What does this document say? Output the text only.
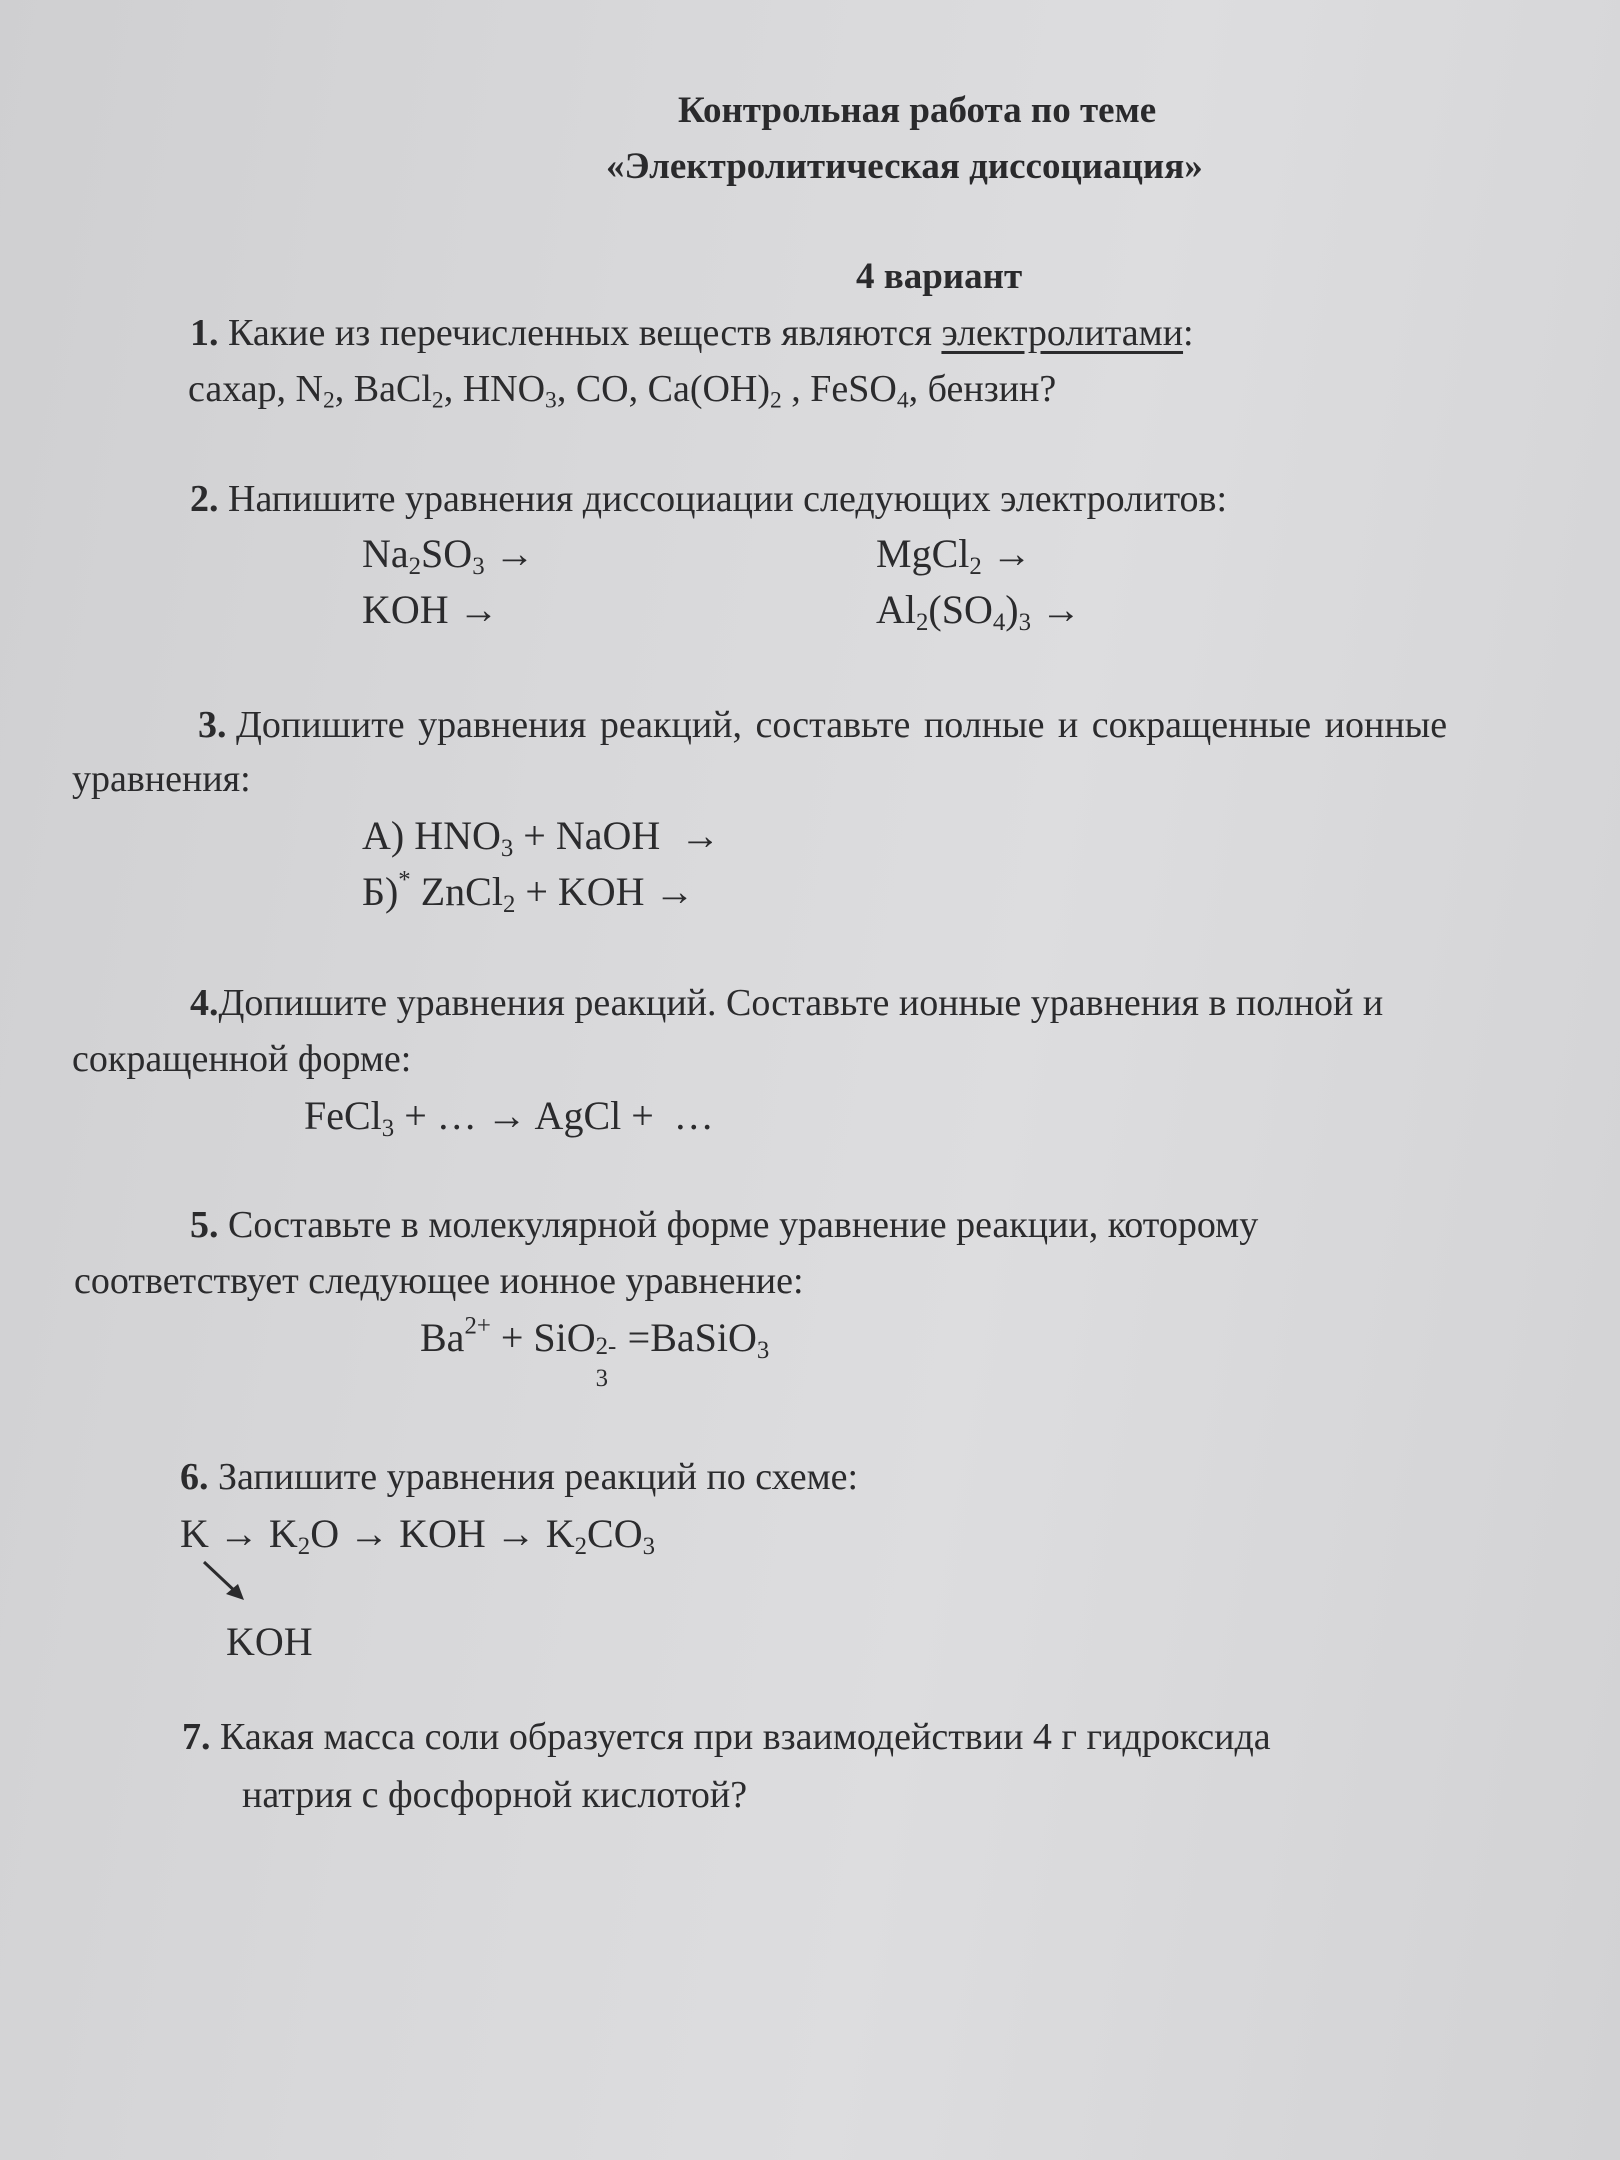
Контрольная работа по теме
«Электролитическая диссоциация»
4 вариант
1. Какие из перечисленных веществ являются электролитами:
сахар, $N_2$, BaCl$_2$, $HNO_3$, CO, $Ca(OH)_2$ , FeSO$_4$, бензин?
2. Напишите уравнения диссоциации следующих электролитов:
$Na_2SO_3$ →	MgCl$_2$ →
KOH →	$Al_2(SO_4)_3$ →
3. Допишите уравнения реакций, составьте полные и сокращенные ионные
уравнения:
А) $HNO_3$ + NaOH  →
Б)* ZnCl$_2$ + KOH →
4.Допишите уравнения реакций. Составьте ионные уравнения в полной и
сокращенной форме:
FeCl$_3$ + … → AgCl +  …
5. Составьте в молекулярной форме уравнение реакции, которому
соответствует следующее ионное уравнение:
$Ba^{2+}$ + SiO 2-
3
=BaSiO$_3$
6. Запишите уравнения реакций по схеме:
$K \to K_2O$ → KOH → $K_2CO_3$
KOH
7. Какая масса соли образуется при взаимодействии 4 г гидроксида
натрия с фосфорной кислотой?
